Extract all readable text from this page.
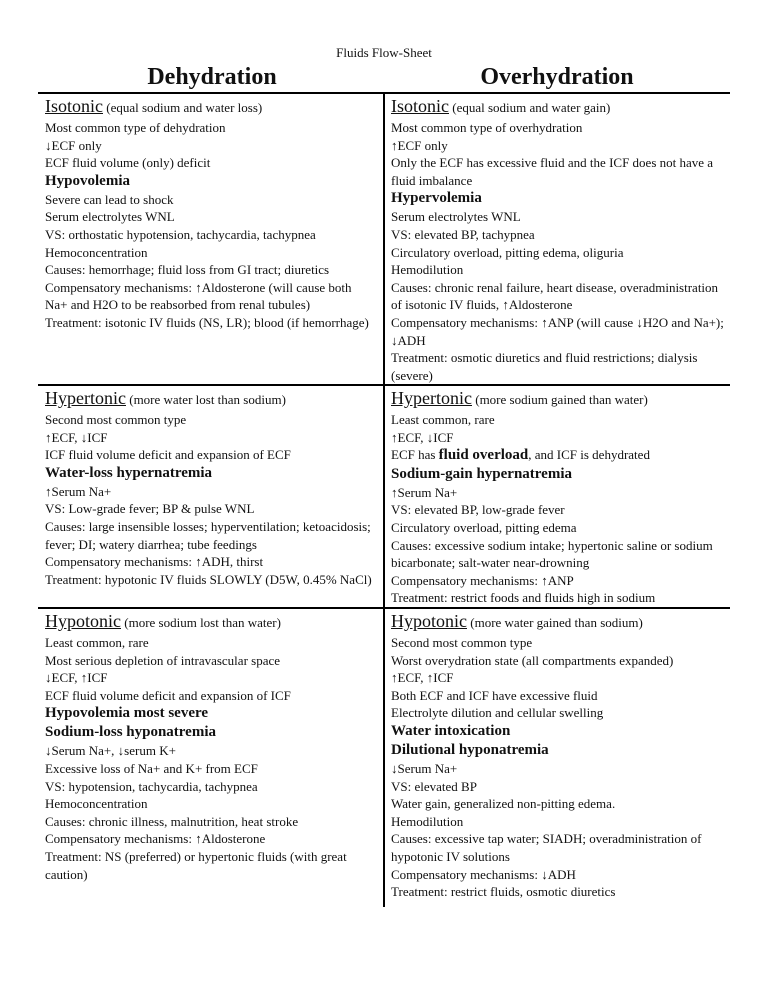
Fluids Flow-Sheet
Dehydration	Overhydration
Isotonic (equal sodium and water loss)
Most common type of dehydration
↓ECF only
ECF fluid volume (only) deficit
Hypovolemia
Severe can lead to shock
Serum electrolytes WNL
VS: orthostatic hypotension, tachycardia, tachypnea
Hemoconcentration
Causes: hemorrhage; fluid loss from GI tract; diuretics
Compensatory mechanisms: ↑Aldosterone (will cause both Na+ and H2O to be reabsorbed from renal tubules)
Treatment: isotonic IV fluids (NS, LR); blood (if hemorrhage)
Isotonic (equal sodium and water gain)
Most common type of overhydration
↑ECF only
Only the ECF has excessive fluid and the ICF does not have a fluid imbalance
Hypervolemia
Serum electrolytes WNL
VS: elevated BP, tachypnea
Circulatory overload, pitting edema, oliguria
Hemodilution
Causes: chronic renal failure, heart disease, overadministration of isotonic IV fluids, ↑Aldosterone
Compensatory mechanisms: ↑ANP (will cause ↓H2O and Na+); ↓ADH
Treatment: osmotic diuretics and fluid restrictions; dialysis (severe)
Hypertonic (more water lost than sodium)
Second most common type
↑ECF, ↓ICF
ICF fluid volume deficit and expansion of ECF
Water-loss hypernatremia
↑Serum Na+
VS: Low-grade fever; BP & pulse WNL
Causes: large insensible losses; hyperventilation; ketoacidosis; fever; DI; watery diarrhea; tube feedings
Compensatory mechanisms: ↑ADH, thirst
Treatment: hypotonic IV fluids SLOWLY (D5W, 0.45% NaCl)
Hypertonic (more sodium gained than water)
Least common, rare
↑ECF, ↓ICF
ECF has fluid overload, and ICF is dehydrated
Sodium-gain hypernatremia
↑Serum Na+
VS: elevated BP, low-grade fever
Circulatory overload, pitting edema
Causes: excessive sodium intake; hypertonic saline or sodium bicarbonate; salt-water near-drowning
Compensatory mechanisms: ↑ANP
Treatment: restrict foods and fluids high in sodium
Hypotonic (more sodium lost than water)
Least common, rare
Most serious depletion of intravascular space
↓ECF, ↑ICF
ECF fluid volume deficit and expansion of ICF
Hypovolemia most severe
Sodium-loss hyponatremia
↓Serum Na+, ↓serum K+
Excessive loss of Na+ and K+ from ECF
VS: hypotension, tachycardia, tachypnea
Hemoconcentration
Causes: chronic illness, malnutrition, heat stroke
Compensatory mechanisms: ↑Aldosterone
Treatment: NS (preferred) or hypertonic fluids (with great caution)
Hypotonic (more water gained than sodium)
Second most common type
Worst overydration state (all compartments expanded)
↑ECF, ↑ICF
Both ECF and ICF have excessive fluid
Electrolyte dilution and cellular swelling
Water intoxication
Dilutional hyponatremia
↓Serum Na+
VS: elevated BP
Water gain, generalized non-pitting edema.
Hemodilution
Causes: excessive tap water; SIADH; overadministration of hypotonic IV solutions
Compensatory mechanisms: ↓ADH
Treatment: restrict fluids, osmotic diuretics
